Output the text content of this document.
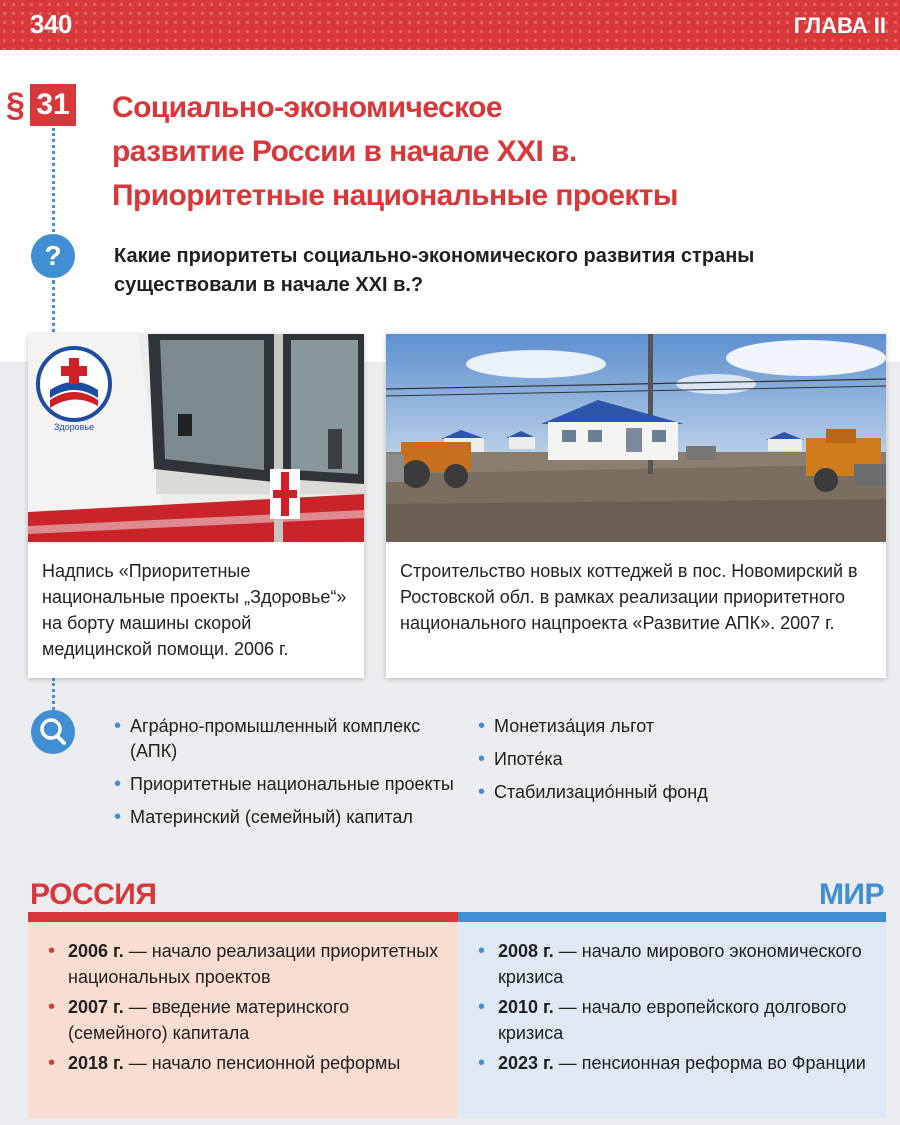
340	ГЛАВА II
§ 31 Социально-экономическое
развитие России в начале XXI в.
Приоритетные национальные проекты
?	Какие приоритеты социально-экономического развития страны существовали в начале XXI в.?
Здоровье
Надпись «Приоритетные национальные проекты „Здоровье“» на борту машины скорой медицинской помощи. 2006 г.
Строительство новых коттеджей в пос. Новомирский в Ростовской обл. в рамках реализации приоритетного национального нацпроекта «Развитие АПК». 2007 г.
• Агра́рно-промышленный комплекс (АПК)
• Приоритетные национальные проекты
• Материнский (семейный) капитал
• Монетиза́ция льгот
• Ипоте́ка
• Стабилизацио́нный фонд
РОССИЯ	МИР
• 2006 г. — начало реализации приоритетных национальных проектов
• 2007 г. — введение материнского (семейного) капитала
• 2018 г. — начало пенсионной реформы
• 2008 г. — начало мирового экономического кризиса
• 2010 г. — начало европейского долгового кризиса
• 2023 г. — пенсионная реформа во Франции
